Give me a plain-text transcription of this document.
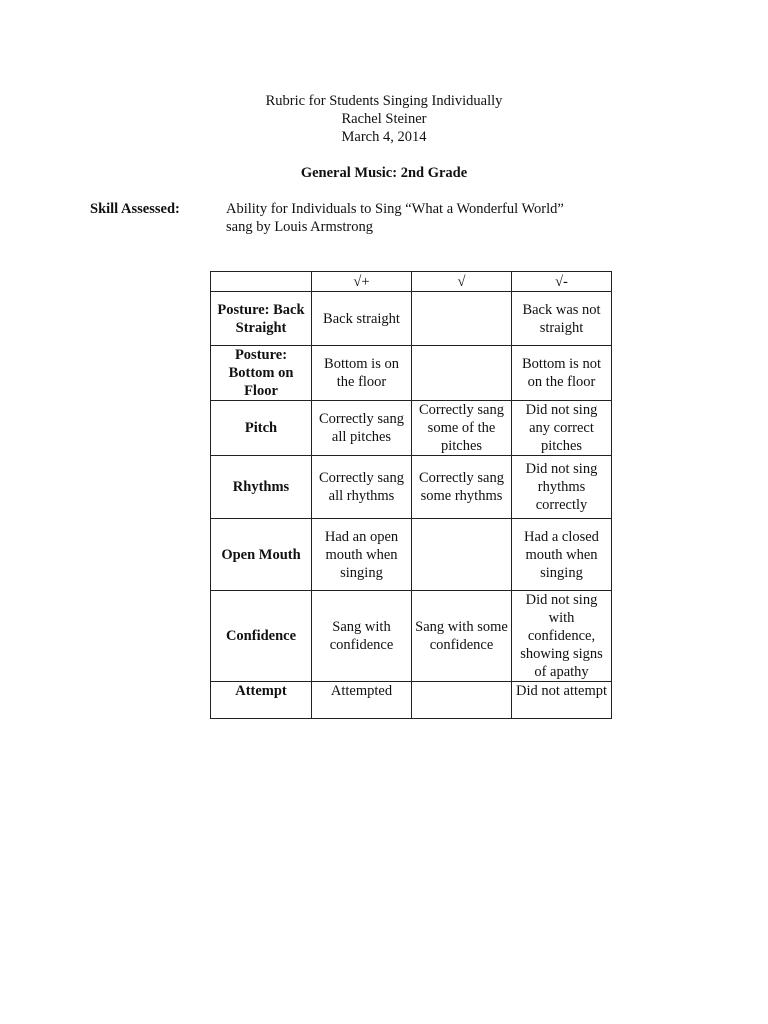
Rubric for Students Singing Individually
Rachel Steiner
March 4, 2014
General Music: 2nd Grade
Skill Assessed:	Ability for Individuals to Sing “What a Wonderful World”
sang by Louis Armstrong
	√+	√	√-
Posture: Back Straight	Back straight		Back was not straight
Posture: Bottom on Floor	Bottom is on the floor		Bottom is not on the floor
Pitch	Correctly sang all pitches	Correctly sang some of the pitches	Did not sing any correct pitches
Rhythms	Correctly sang all rhythms	Correctly sang some rhythms	Did not sing rhythms correctly
Open Mouth	Had an open mouth when singing		Had a closed mouth when singing
Confidence	Sang with confidence	Sang with some confidence	Did not sing with confidence, showing signs of apathy
Attempt	Attempted		Did not attempt
